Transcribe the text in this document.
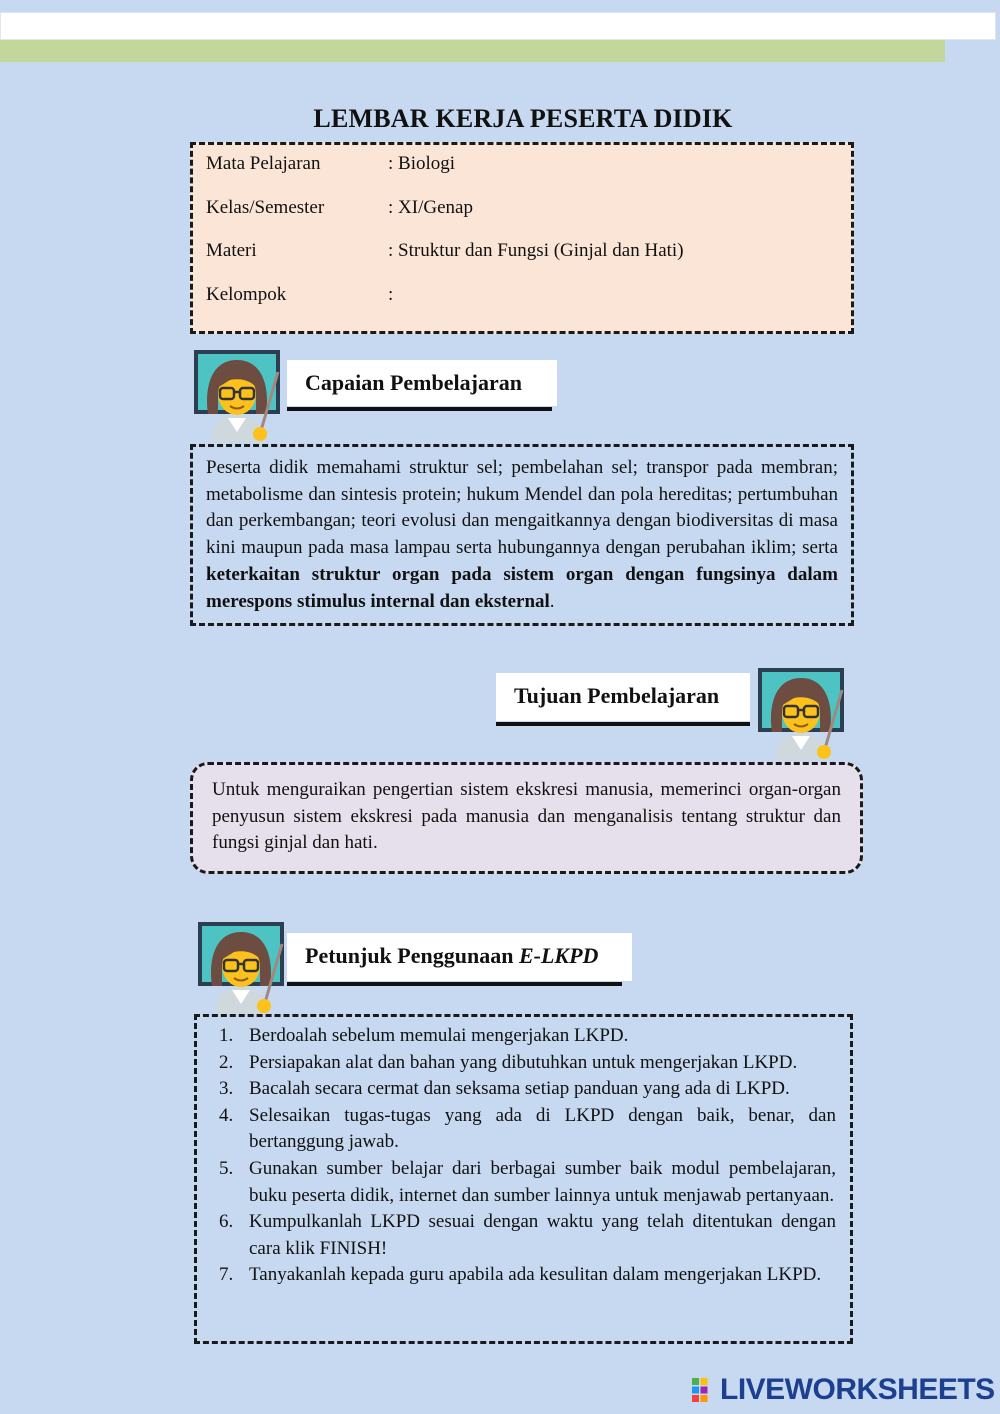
LEMBAR KERJA PESERTA DIDIK
Mata Pelajaran	: Biologi
Kelas/Semester	: XI/Genap
Materi	: Struktur dan Fungsi (Ginjal dan Hati)
Kelompok	:
Capaian Pembelajaran
Peserta didik memahami struktur sel; pembelahan sel; transpor pada membran; metabolisme dan sintesis protein; hukum Mendel dan pola hereditas; pertumbuhan dan perkembangan; teori evolusi dan mengaitkannya dengan biodiversitas di masa kini maupun pada masa lampau serta hubungannya dengan perubahan iklim; serta keterkaitan struktur organ pada sistem organ dengan fungsinya dalam merespons stimulus internal dan eksternal.
Tujuan Pembelajaran
Untuk menguraikan pengertian sistem ekskresi manusia, memerinci organ-organ penyusun sistem ekskresi pada manusia dan menganalisis tentang struktur dan fungsi ginjal dan hati.
Petunjuk Penggunaan E-LKPD
1. Berdoalah sebelum memulai mengerjakan LKPD.
2. Persiapakan alat dan bahan yang dibutuhkan untuk mengerjakan LKPD.
3. Bacalah secara cermat dan seksama setiap panduan yang ada di LKPD.
4. Selesaikan tugas-tugas yang ada di LKPD dengan baik, benar, dan bertanggung jawab.
5. Gunakan sumber belajar dari berbagai sumber baik modul pembelajaran, buku peserta didik, internet dan sumber lainnya untuk menjawab pertanyaan.
6. Kumpulkanlah LKPD sesuai dengan waktu yang telah ditentukan dengan cara klik FINISH!
7. Tanyakanlah kepada guru apabila ada kesulitan dalam mengerjakan LKPD.
LIVEWORKSHEETS
